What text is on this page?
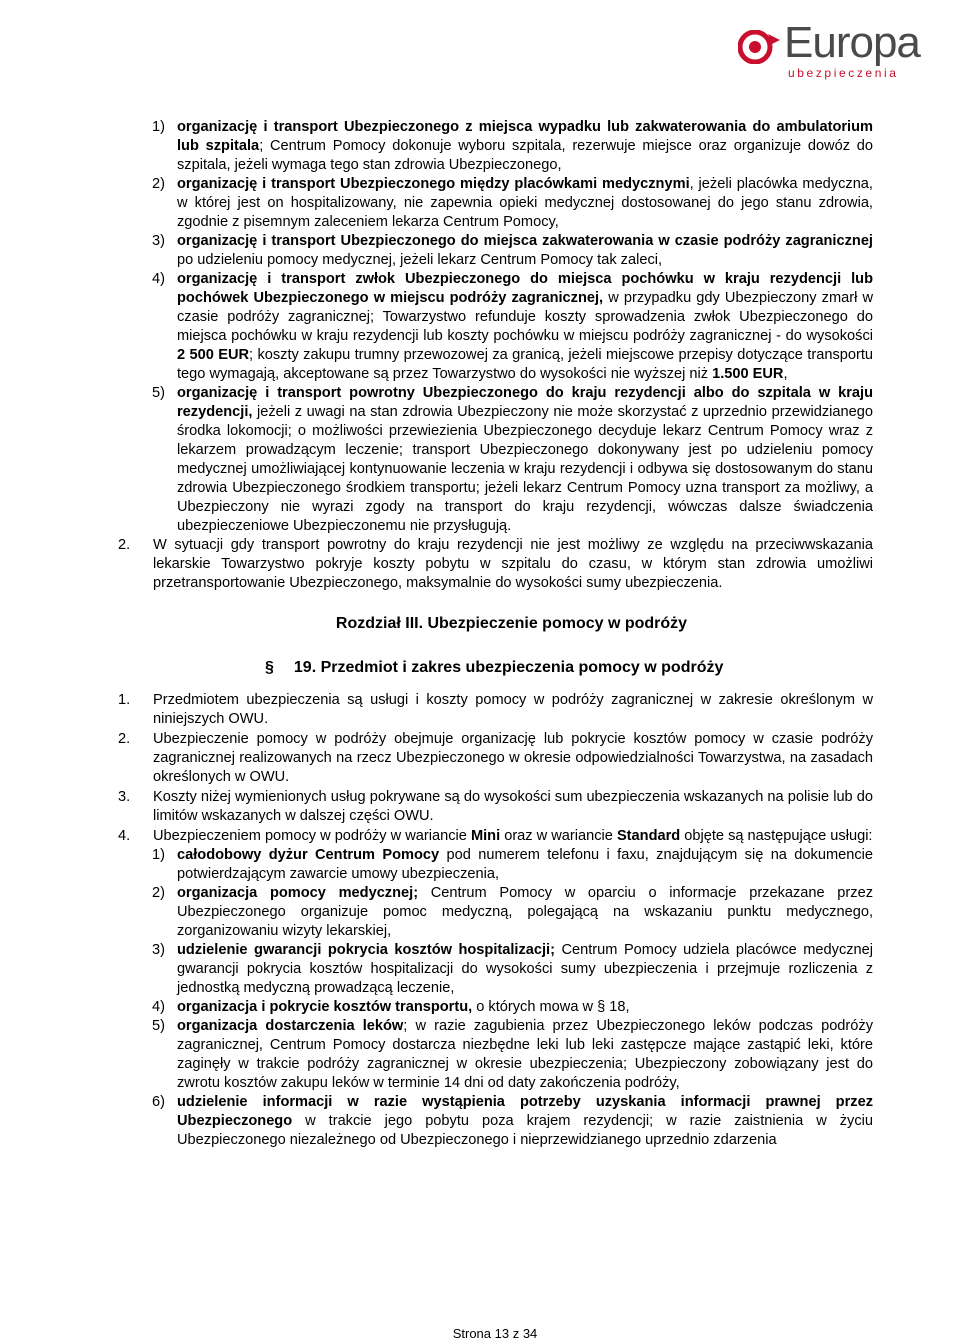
Europa
ubezpieczenia
1) organizację i transport Ubezpieczonego z miejsca wypadku lub zakwaterowania do ambulatorium lub szpitala; Centrum Pomocy dokonuje wyboru szpitala, rezerwuje miejsce oraz organizuje dowóz do szpitala, jeżeli wymaga tego stan zdrowia Ubezpieczonego,
2) organizację i transport Ubezpieczonego między placówkami medycznymi, jeżeli placówka medyczna, w której jest on hospitalizowany, nie zapewnia opieki medycznej dostosowanej do jego stanu zdrowia, zgodnie z pisemnym zaleceniem lekarza Centrum Pomocy,
3) organizację i transport Ubezpieczonego do miejsca zakwaterowania w czasie podróży zagranicznej po udzieleniu pomocy medycznej, jeżeli lekarz Centrum Pomocy tak zaleci,
4) organizację i transport zwłok Ubezpieczonego do miejsca pochówku w kraju rezydencji lub pochówek Ubezpieczonego w miejscu podróży zagranicznej, w przypadku gdy Ubezpieczony zmarł w czasie podróży zagranicznej; Towarzystwo refunduje koszty sprowadzenia zwłok Ubezpieczonego do miejsca pochówku w kraju rezydencji lub koszty pochówku w miejscu podróży zagranicznej - do wysokości 2 500 EUR; koszty zakupu trumny przewozowej za granicą, jeżeli miejscowe przepisy dotyczące transportu tego wymagają, akceptowane są przez Towarzystwo do wysokości nie wyższej niż 1.500 EUR,
5) organizację i transport powrotny Ubezpieczonego do kraju rezydencji albo do szpitala w kraju rezydencji, jeżeli z uwagi na stan zdrowia Ubezpieczony nie może skorzystać z uprzednio przewidzianego środka lokomocji; o możliwości przewiezienia Ubezpieczonego decyduje lekarz Centrum Pomocy wraz z lekarzem prowadzącym leczenie; transport Ubezpieczonego dokonywany jest po udzieleniu pomocy medycznej umożliwiającej kontynuowanie leczenia w kraju rezydencji i odbywa się dostosowanym do stanu zdrowia Ubezpieczonego środkiem transportu; jeżeli lekarz Centrum Pomocy uzna transport za możliwy, a Ubezpieczony nie wyrazi zgody na transport do kraju rezydencji, wówczas dalsze świadczenia ubezpieczeniowe Ubezpieczonemu nie przysługują.
2. W sytuacji gdy transport powrotny do kraju rezydencji nie jest możliwy ze względu na przeciwwskazania lekarskie Towarzystwo pokryje koszty pobytu w szpitalu do czasu, w którym stan zdrowia umożliwi przetransportowanie Ubezpieczonego, maksymalnie do wysokości sumy ubezpieczenia.
Rozdział III. Ubezpieczenie pomocy w podróży
§ 19. Przedmiot i zakres ubezpieczenia pomocy w podróży
1. Przedmiotem ubezpieczenia są usługi i koszty pomocy w podróży zagranicznej w zakresie określonym w niniejszych OWU.
2. Ubezpieczenie pomocy w podróży obejmuje organizację lub pokrycie kosztów pomocy w czasie podróży zagranicznej realizowanych na rzecz Ubezpieczonego w okresie odpowiedzialności Towarzystwa, na zasadach określonych w OWU.
3. Koszty niżej wymienionych usług pokrywane są do wysokości sum ubezpieczenia wskazanych na polisie lub do limitów wskazanych w dalszej części OWU.
4. Ubezpieczeniem pomocy w podróży w wariancie Mini oraz w wariancie Standard objęte są następujące usługi:
1) całodobowy dyżur Centrum Pomocy pod numerem telefonu i faxu, znajdującym się na dokumencie potwierdzającym zawarcie umowy ubezpieczenia,
2) organizacja pomocy medycznej; Centrum Pomocy w oparciu o informacje przekazane przez Ubezpieczonego organizuje pomoc medyczną, polegającą na wskazaniu punktu medycznego, zorganizowaniu wizyty lekarskiej,
3) udzielenie gwarancji pokrycia kosztów hospitalizacji; Centrum Pomocy udziela placówce medycznej gwarancji pokrycia kosztów hospitalizacji do wysokości sumy ubezpieczenia i przejmuje rozliczenia z jednostką medyczną prowadzącą leczenie,
4) organizacja i pokrycie kosztów transportu, o których mowa w § 18,
5) organizacja dostarczenia leków; w razie zagubienia przez Ubezpieczonego leków podczas podróży zagranicznej, Centrum Pomocy dostarcza niezbędne leki lub leki zastępcze mające zastąpić leki, które zaginęły w trakcie podróży zagranicznej w okresie ubezpieczenia; Ubezpieczony zobowiązany jest do zwrotu kosztów zakupu leków w terminie 14 dni od daty zakończenia podróży,
6) udzielenie informacji w razie wystąpienia potrzeby uzyskania informacji prawnej przez Ubezpieczonego w trakcie jego pobytu poza krajem rezydencji; w razie zaistnienia w życiu Ubezpieczonego niezależnego od Ubezpieczonego i nieprzewidzianego uprzednio zdarzenia
Strona 13 z 34
